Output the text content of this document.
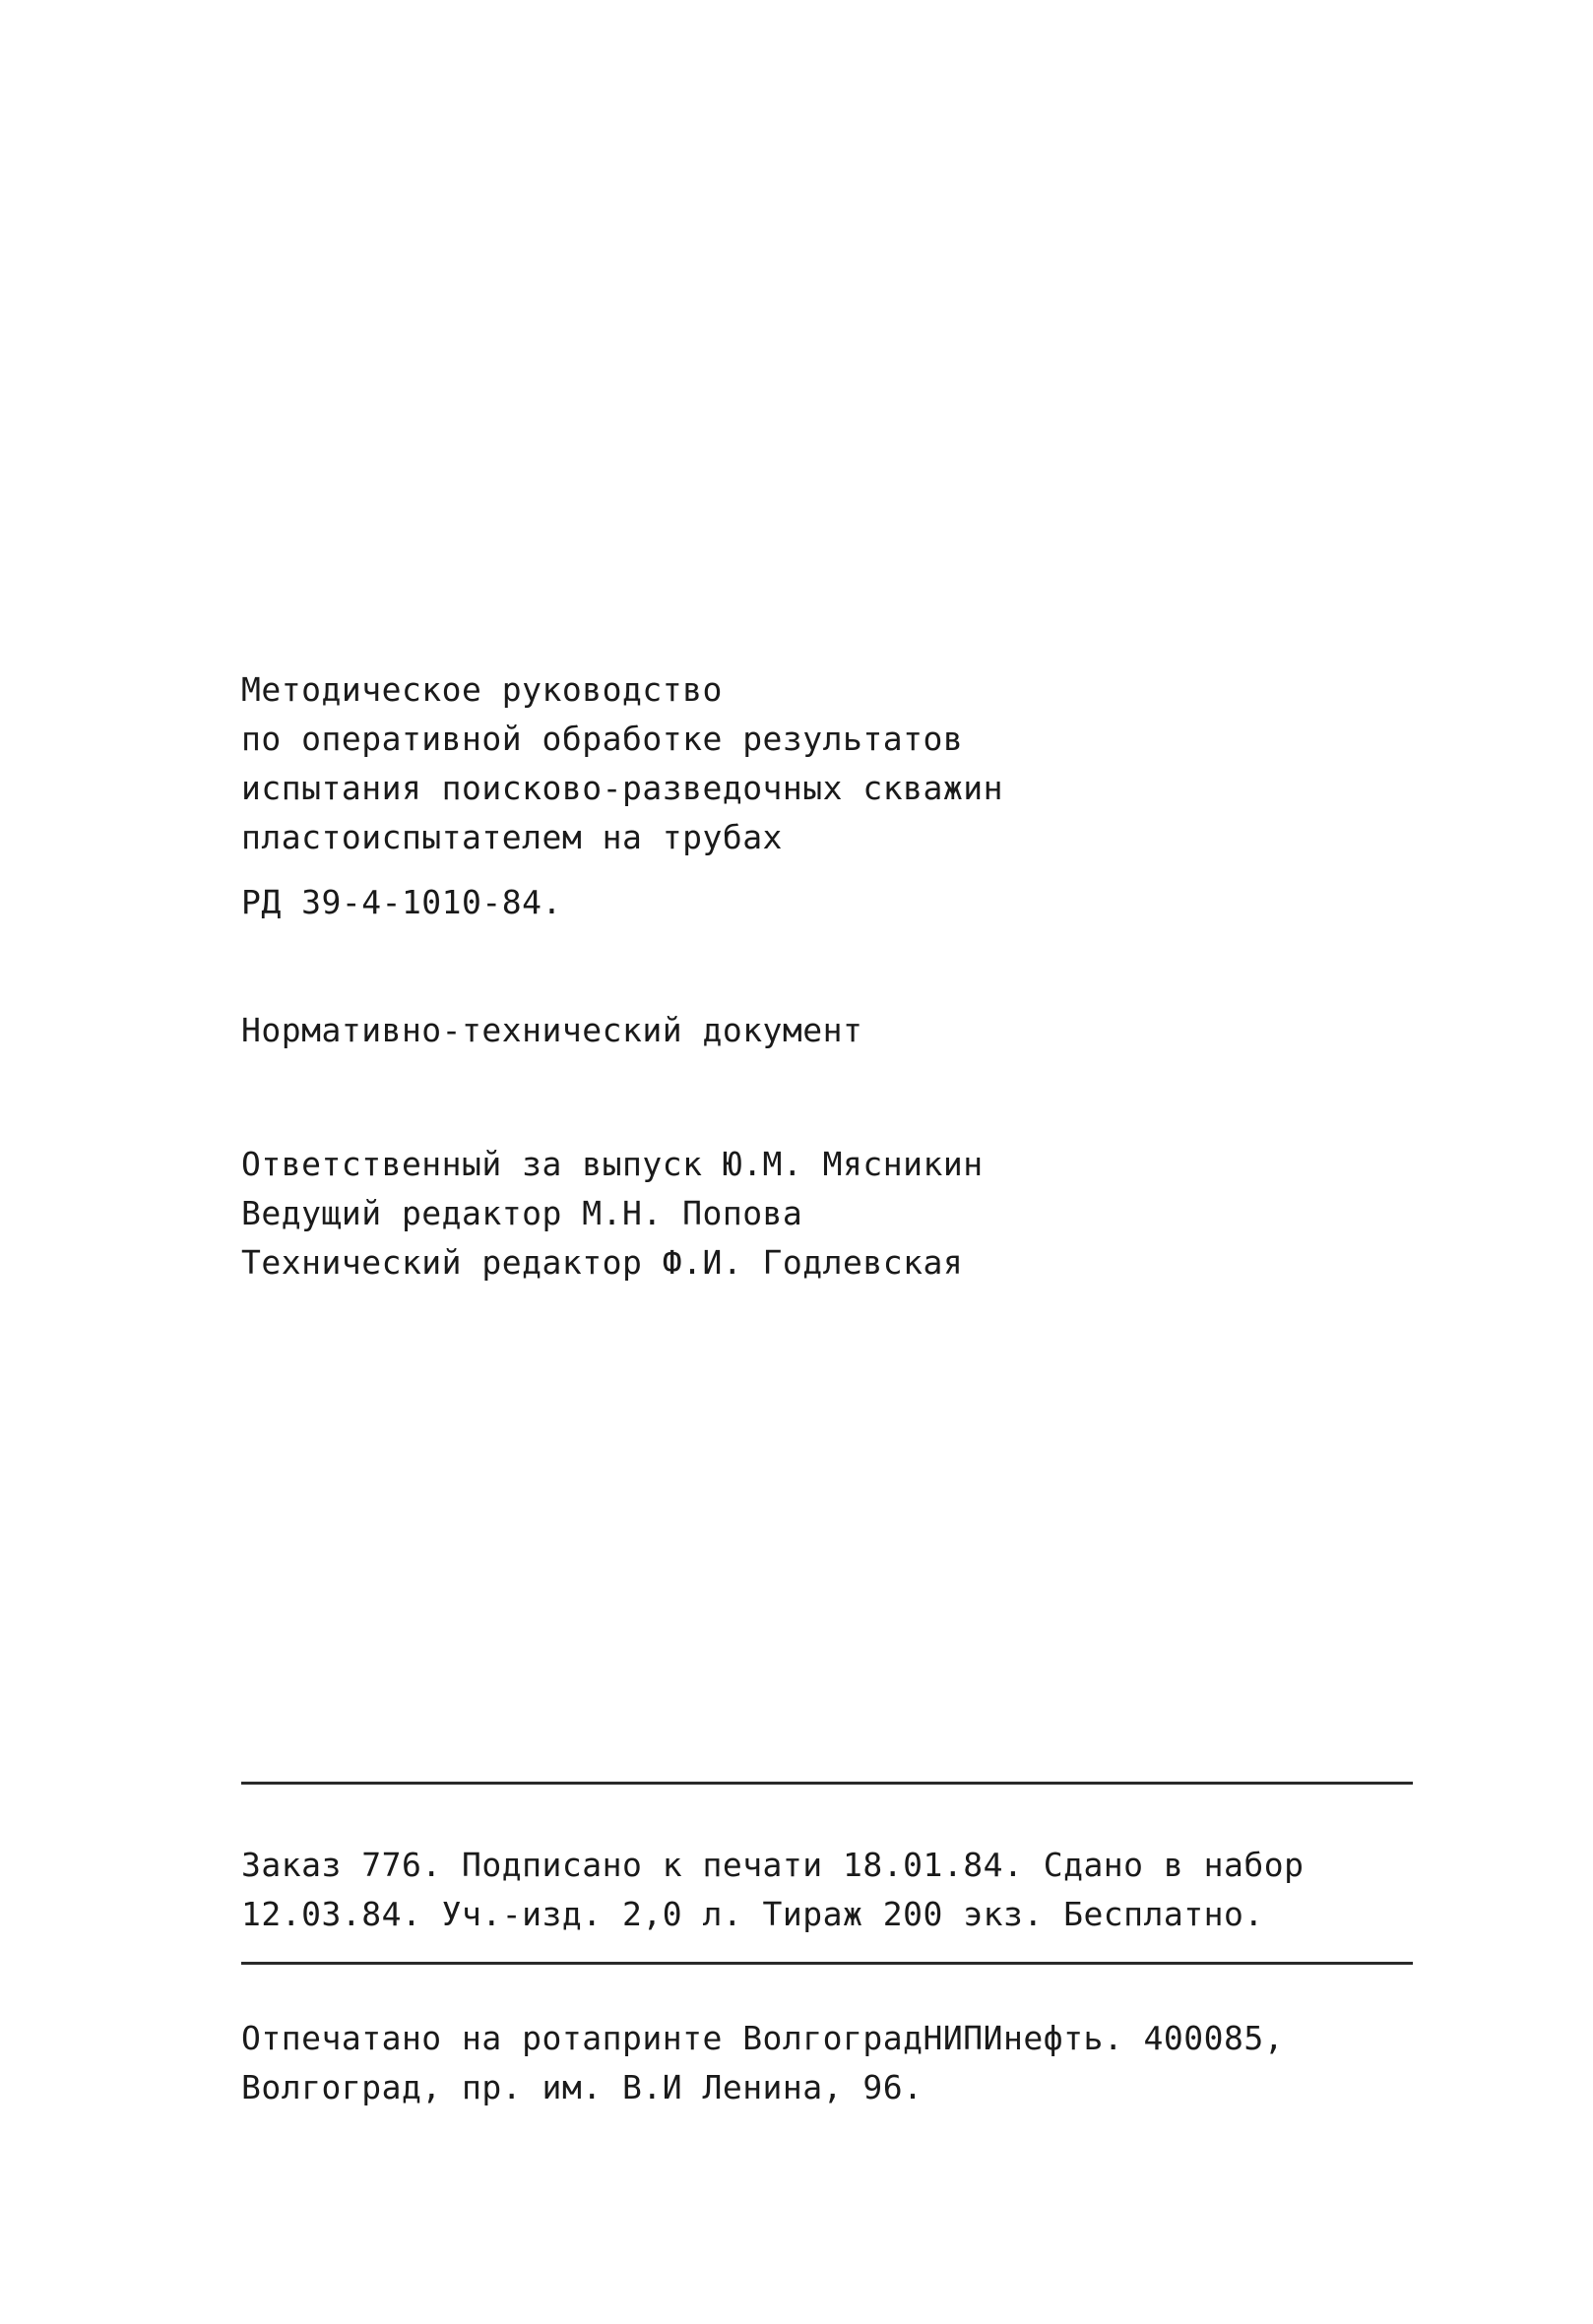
Методическое руководство
по оперативной обработке результатов
испытания поисково-разведочных скважин
пластоиспытателем на трубах
РД 39-4-1010-84.
Нормативно-технический документ
Ответственный за выпуск Ю.М. Мясникин
Ведущий редактор М.Н. Попова
Технический редактор Ф.И. Годлевская
Заказ 776. Подписано к печати 18.01.84. Сдано в набор
12.03.84. Уч.-изд. 2,0 л. Тираж 200 экз. Бесплатно.
Отпечатано на ротапринте ВолгоградНИПИнефть. 400085,
Волгоград, пр. им. В.И Ленина, 96.
